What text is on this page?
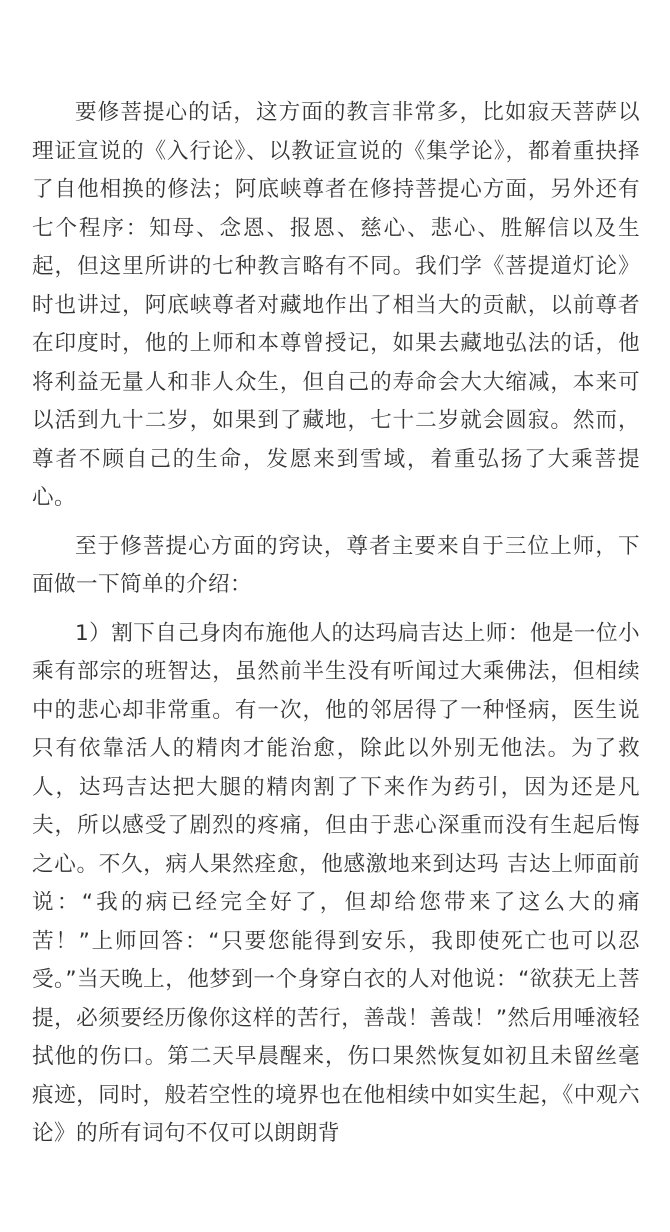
要修菩提心的话，这方面的教言非常多，比如寂天菩萨以理证宣说的《入行论》、以教证宣说的《集学论》，都着重抉择了自他相换的修法；阿底峡尊者在修持菩提心方面，另外还有七个程序：知母、念恩、报恩、慈心、悲心、胜解信以及生起，但这里所讲的七种教言略有不同。我们学《菩提道灯论》时也讲过，阿底峡尊者对藏地作出了相当大的贡献，以前尊者在印度时，他的上师和本尊曾授记，如果去藏地弘法的话，他将利益无量人和非人众生，但自己的寿命会大大缩减，本来可以活到九十二岁，如果到了藏地，七十二岁就会圆寂。然而，尊者不顾自己的生命，发愿来到雪域，着重弘扬了大乘菩提心。

至于修菩提心方面的窍诀，尊者主要来自于三位上师，下面做一下简单的介绍：

1）割下自己身肉布施他人的达玛扃吉达上师：他是一位小乘有部宗的班智达，虽然前半生没有听闻过大乘佛法，但相续中的悲心却非常重。有一次，他的邻居得了一种怪病，医生说只有依靠活人的精肉才能治愈，除此以外别无他法。为了救人，达玛吉达把大腿的精肉割了下来作为药引，因为还是凡夫，所以感受了剧烈的疼痛，但由于悲心深重而没有生起后悔之心。不久，病人果然痊愈，他感激地来到达玛 吉达上师面前说：“我的病已经完全好了，但却给您带来了这么大的痛苦！”上师回答：“只要您能得到安乐，我即使死亡也可以忍受。”当天晚上，他梦到一个身穿白衣的人对他说：“欲获无上菩提，必须要经历像你这样的苦行，善哉！善哉！”然后用唾液轻拭他的伤口。第二天早晨醒来，伤口果然恢复如初且未留丝毫痕迹，同时，般若空性的境界也在他相续中如实生起，《中观六论》的所有词句不仅可以朗朗背
